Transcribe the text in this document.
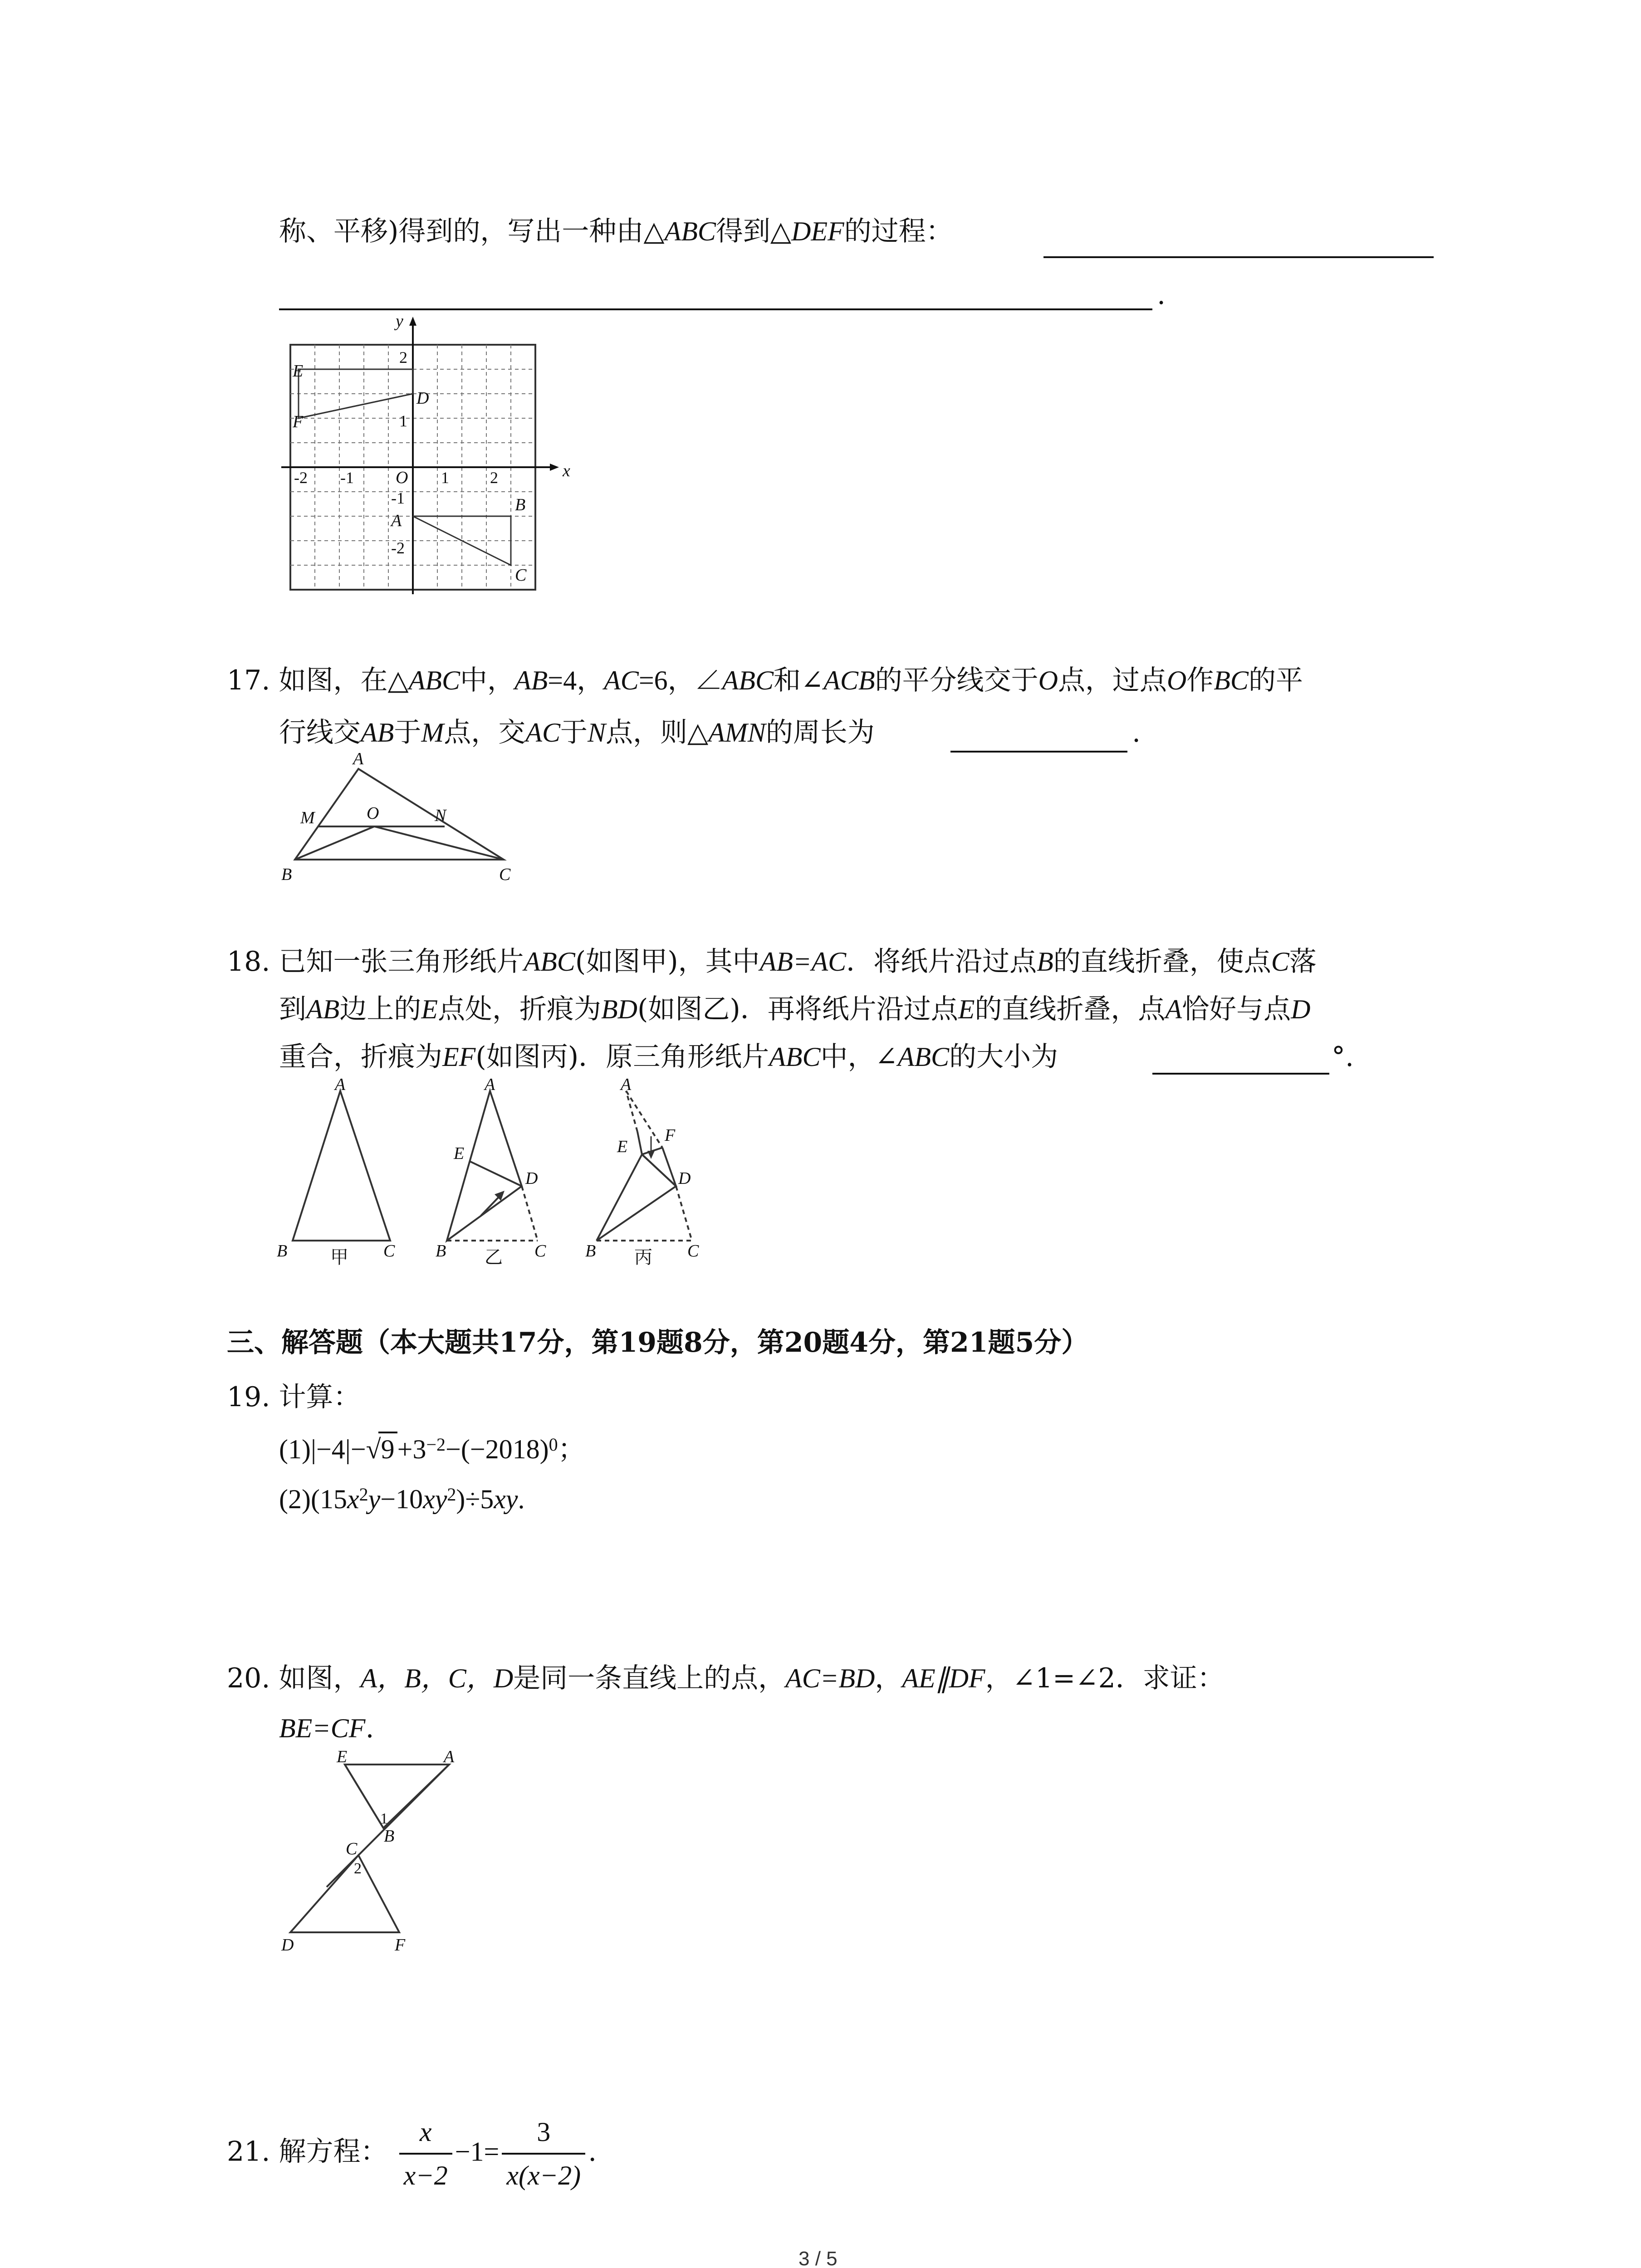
称、平移)得到的，写出一种由△ABC得到△DEF的过程：
.
x
y
O
E
D
F
A
B
C
-2 -1	1	2
2
1
-1
-2
17. 如图，在△ABC中，AB=4，AC=6，∠ABC和∠ACB的平分线交于O点，过点O作BC的平
行线交AB于M点，交AC于N点，则△AMN的周长为	.
A
M	O	N
B	C
18. 已知一张三角形纸片ABC(如图甲)，其中AB=AC．将纸片沿过点B的直线折叠，使点C落
到AB边上的E点处，折痕为BD(如图乙)．再将纸片沿过点E的直线折叠，点A恰好与点D
重合，折痕为EF(如图丙)．原三角形纸片ABC中，∠ABC的大小为	°.
A
B	C
A
E
D
B	C
A
E
F
D
B	C
甲	乙	丙
三、解答题（本大题共17分，第19题8分，第20题4分，第21题5分）
19. 计算：
$(1)|-4|-√9 +3^{-2}-(-2018)^0$；
$(2)(15x^2y-10xy^2)\div 5xy$.
20. 如图，A，B，C，D是同一条直线上的点，AC=BD，AE∥DF，∠1=∠2．求证：
BE=CF.
E	A
B
C
D	F
1
2
21. 解方程： $\frac{x}{x-2} -1= \frac{3}{x(x-2)}$ .
3 / 5
